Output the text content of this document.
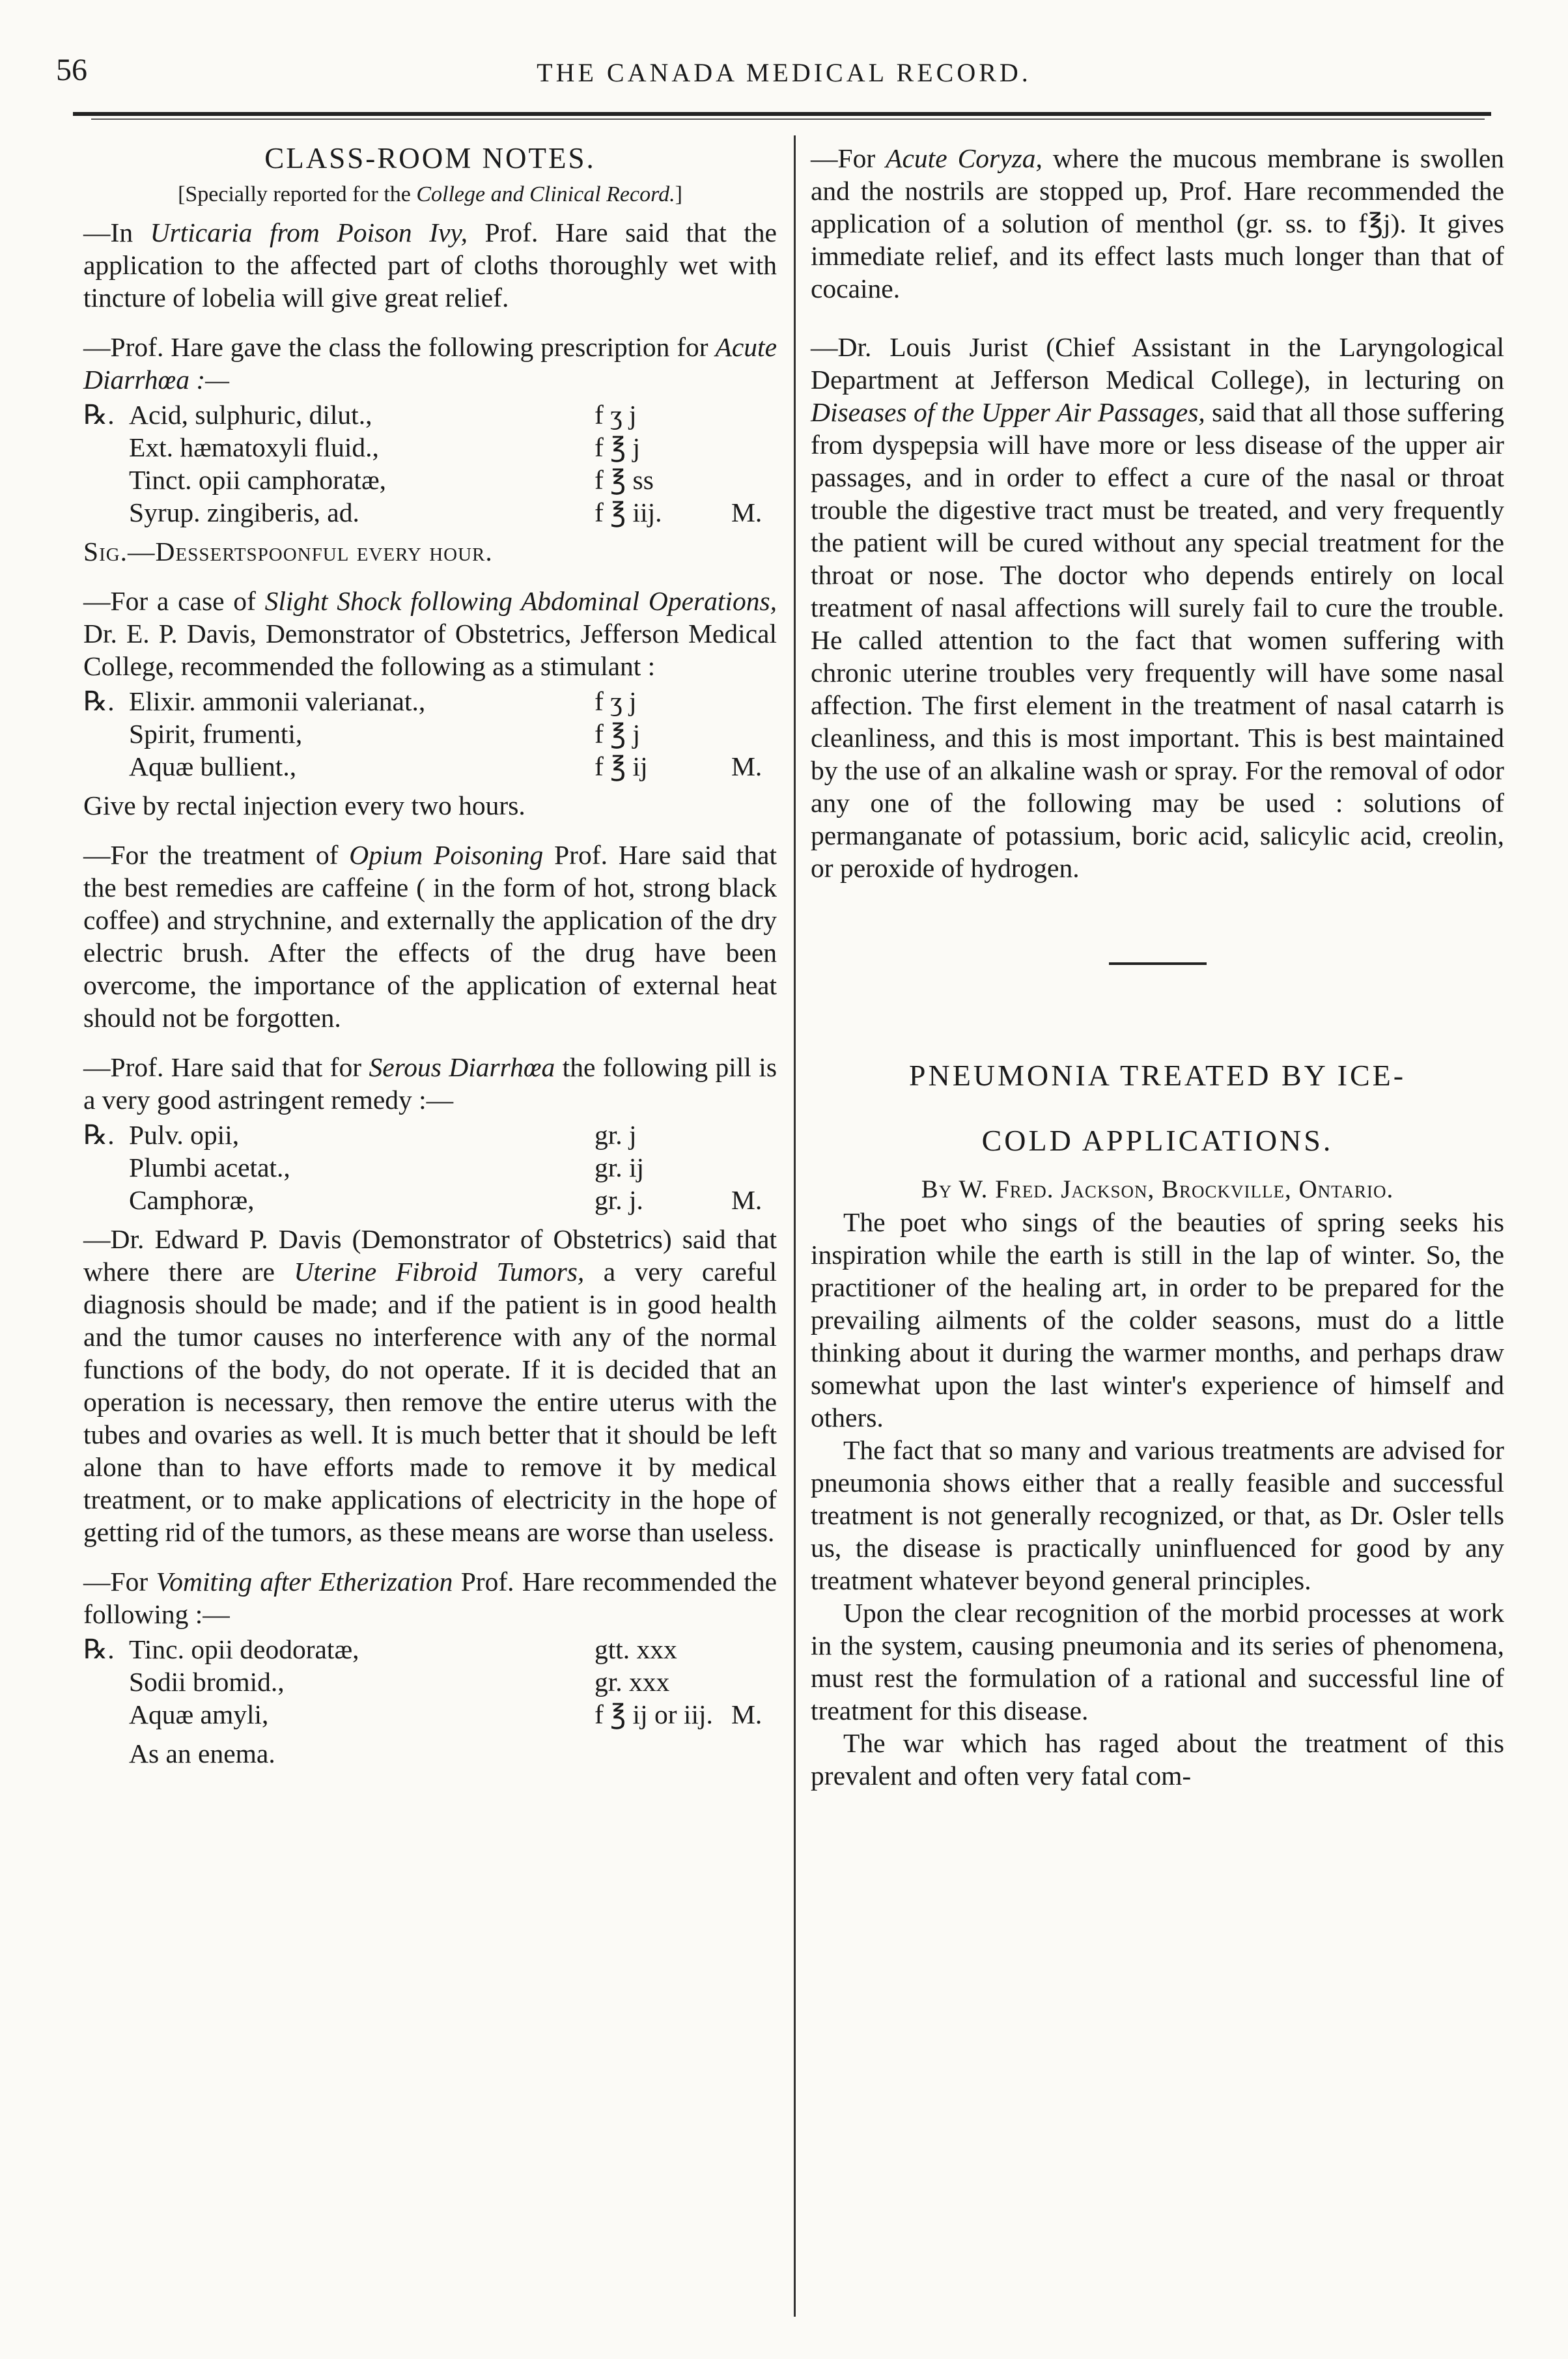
56	THE CANADA MEDICAL RECORD.
CLASS-ROOM NOTES.
[Specially reported for the College and Clinical Record.]

—In Urticaria from Poison Ivy, Prof. Hare said that the application to the affected part of cloths thoroughly wet with tincture of lobelia will give great relief.

—Prof. Hare gave the class the following prescription for Acute Diarrhœa :—

℞.	Acid, sulphuric, dilut.,	f ʒ j	
	Ext. hæmatoxyli fluid.,	f ℥ j	
	Tinct. opii camphoratæ,	f ℥ ss	
	Syrup. zingiberis, ad.	f ℥ iij.	M.

Sig.—Dessertspoonful every hour.

—For a case of Slight Shock following Abdominal Operations, Dr. E. P. Davis, Demonstrator of Obstetrics, Jefferson Medical College, recommended the following as a stimulant :

℞.	Elixir. ammonii valerianat.,	f ʒ j	
	Spirit, frumenti,	f ℥ j	
	Aquæ bullient.,	f ℥ ij	M.

Give by rectal injection every two hours.

—For the treatment of Opium Poisoning Prof. Hare said that the best remedies are caffeine ( in the form of hot, strong black coffee) and strychnine, and externally the application of the dry electric brush. After the effects of the drug have been overcome, the importance of the application of external heat should not be forgotten.

—Prof. Hare said that for Serous Diarrhœa the following pill is a very good astringent remedy :—

℞.	Pulv. opii,	gr. j	
	Plumbi acetat.,	gr. ij	
	Camphoræ,	gr. j.	M.

—Dr. Edward P. Davis (Demonstrator of Obstetrics) said that where there are Uterine Fibroid Tumors, a very careful diagnosis should be made; and if the patient is in good health and the tumor causes no interference with any of the normal functions of the body, do not operate. If it is decided that an operation is necessary, then remove the entire uterus with the tubes and ovaries as well. It is much better that it should be left alone than to have efforts made to remove it by medical treatment, or to make applications of electricity in the hope of getting rid of the tumors, as these means are worse than useless.

—For Vomiting after Etherization Prof. Hare recommended the following :—

℞.	Tinc. opii deodoratæ,	gtt. xxx	
	Sodii bromid.,	gr. xxx	
	Aquæ amyli,	f ℥ ij or iij.	M.

As an enema.

—For Acute Coryza, where the mucous membrane is swollen and the nostrils are stopped up, Prof. Hare recommended the application of a solution of menthol (gr. ss. to f℥j). It gives immediate relief, and its effect lasts much longer than that of cocaine.

—Dr. Louis Jurist (Chief Assistant in the Laryngological Department at Jefferson Medical College), in lecturing on Diseases of the Upper Air Passages, said that all those suffering from dyspepsia will have more or less disease of the upper air passages, and in order to effect a cure of the nasal or throat trouble the digestive tract must be treated, and very frequently the patient will be cured without any special treatment for the throat or nose. The doctor who depends entirely on local treatment of nasal affections will surely fail to cure the trouble. He called attention to the fact that women suffering with chronic uterine troubles very frequently will have some nasal affection. The first element in the treatment of nasal catarrh is cleanliness, and this is most important. This is best maintained by the use of an alkaline wash or spray. For the removal of odor any one of the following may be used : solutions of permanganate of potassium, boric acid, salicylic acid, creolin, or peroxide of hydrogen.

PNEUMONIA TREATED BY ICE-

COLD APPLICATIONS.

By W. Fred. Jackson, Brockville, Ontario.

The poet who sings of the beauties of spring seeks his inspiration while the earth is still in the lap of winter. So, the practitioner of the healing art, in order to be prepared for the prevailing ailments of the colder seasons, must do a little thinking about it during the warmer months, and perhaps draw somewhat upon the last winter's experience of himself and others.

The fact that so many and various treatments are advised for pneumonia shows either that a really feasible and successful treatment is not generally recognized, or that, as Dr. Osler tells us, the disease is practically uninfluenced for good by any treatment whatever beyond general principles.

Upon the clear recognition of the morbid processes at work in the system, causing pneumonia and its series of phenomena, must rest the formulation of a rational and successful line of treatment for this disease.

The war which has raged about the treatment of this prevalent and often very fatal com-
